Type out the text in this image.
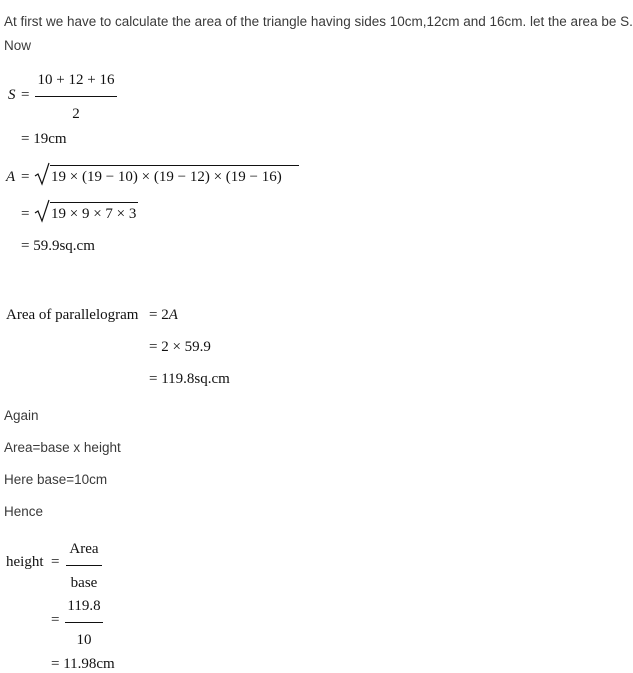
At first we have to calculate the area of the triangle having sides 10cm,12cm and 16cm. let the area be S.
Now
S =
10 + 12 + 16
2
= 19cm
A = 19 × (19 − 10) × (19 − 12) × (19 − 16)
= 19 × 9 × 7 × 3
= 59.9sq.cm
Area of parallelogram = 2A
= 2 × 59.9
= 119.8sq.cm
Again
Area=base x height
Here base=10cm
Hence
height =
Area
base
=
119.8
10
= 11.98cm
